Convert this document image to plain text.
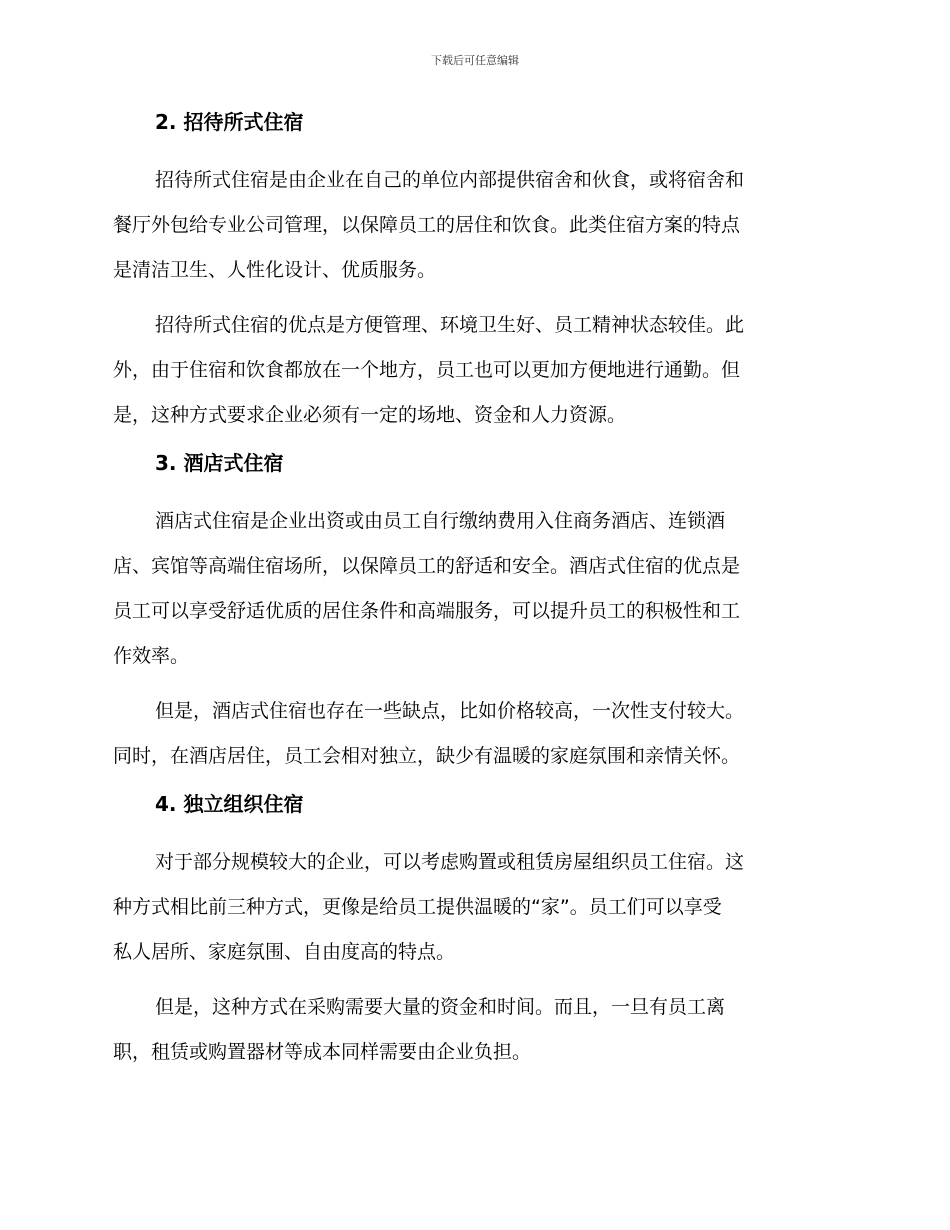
下载后可任意编辑
2. 招待所式住宿

招待所式住宿是由企业在自己的单位内部提供宿舍和伙食，或将宿舍和
餐厅外包给专业公司管理，以保障员工的居住和饮食。此类住宿方案的特点
是清洁卫生、人性化设计、优质服务。

招待所式住宿的优点是方便管理、环境卫生好、员工精神状态较佳。此
外，由于住宿和饮食都放在一个地方，员工也可以更加方便地进行通勤。但
是，这种方式要求企业必须有一定的场地、资金和人力资源。

3. 酒店式住宿

酒店式住宿是企业出资或由员工自行缴纳费用入住商务酒店、连锁酒
店、宾馆等高端住宿场所，以保障员工的舒适和安全。酒店式住宿的优点是
员工可以享受舒适优质的居住条件和高端服务，可以提升员工的积极性和工
作效率。

但是，酒店式住宿也存在一些缺点，比如价格较高，一次性支付较大。
同时，在酒店居住，员工会相对独立，缺少有温暖的家庭氛围和亲情关怀。

4. 独立组织住宿

对于部分规模较大的企业，可以考虑购置或租赁房屋组织员工住宿。这
种方式相比前三种方式，更像是给员工提供温暖的“家”。员工们可以享受
私人居所、家庭氛围、自由度高的特点。

但是，这种方式在采购需要大量的资金和时间。而且，一旦有员工离
职，租赁或购置器材等成本同样需要由企业负担。
